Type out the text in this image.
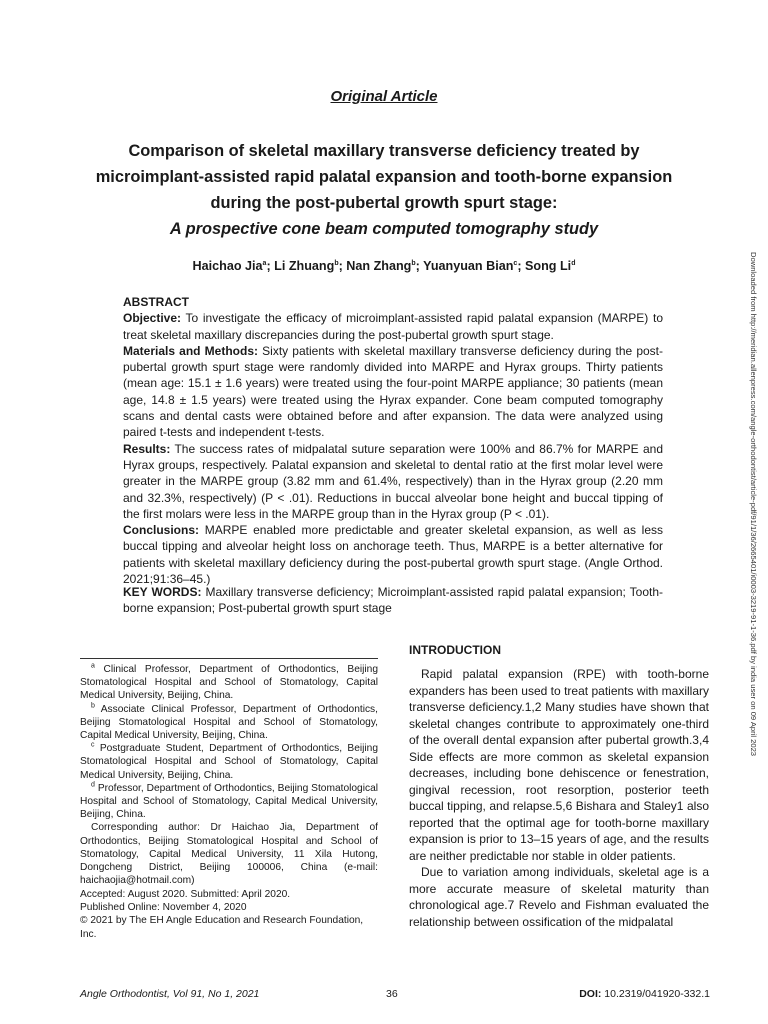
Original Article
Comparison of skeletal maxillary transverse deficiency treated by
microimplant-assisted rapid palatal expansion and tooth-borne expansion
during the post-pubertal growth spurt stage:
A prospective cone beam computed tomography study
Haichao Jia$^a$; Li Zhuang$^b$; Nan Zhang$^b$; Yuanyuan Bian$^c$; Song Li$^d$

ABSTRACT

Objective: To investigate the efficacy of microimplant-assisted rapid palatal expansion (MARPE) to treat skeletal maxillary discrepancies during the post-pubertal growth spurt stage.

Materials and Methods: Sixty patients with skeletal maxillary transverse deficiency during the post-pubertal growth spurt stage were randomly divided into MARPE and Hyrax groups. Thirty patients (mean age: 15.1 ± 1.6 years) were treated using the four-point MARPE appliance; 30 patients (mean age, 14.8 ± 1.5 years) were treated using the Hyrax expander. Cone beam computed tomography scans and dental casts were obtained before and after expansion. The data were analyzed using paired t-tests and independent t-tests.

Results: The success rates of midpalatal suture separation were 100% and 86.7% for MARPE and Hyrax groups, respectively. Palatal expansion and skeletal to dental ratio at the first molar level were greater in the MARPE group (3.82 mm and 61.4%, respectively) than in the Hyrax group (2.20 mm and 32.3%, respectively) (P < .01). Reductions in buccal alveolar bone height and buccal tipping of the first molars were less in the MARPE group than in the Hyrax group (P < .01).

Conclusions: MARPE enabled more predictable and greater skeletal expansion, as well as less buccal tipping and alveolar height loss on anchorage teeth. Thus, MARPE is a better alternative for patients with skeletal maxillary deficiency during the post-pubertal growth spurt stage. (Angle Orthod. 2021;91:36–45.)

KEY WORDS: Maxillary transverse deficiency; Microimplant-assisted rapid palatal expansion; Tooth-borne expansion; Post-pubertal growth spurt stage

$^a$ Clinical Professor, Department of Orthodontics, Beijing Stomatological Hospital and School of Stomatology, Capital Medical University, Beijing, China.

$^b$ Associate Clinical Professor, Department of Orthodontics, Beijing Stomatological Hospital and School of Stomatology, Capital Medical University, Beijing, China.

$^c$ Postgraduate Student, Department of Orthodontics, Beijing Stomatological Hospital and School of Stomatology, Capital Medical University, Beijing, China.

$^d$ Professor, Department of Orthodontics, Beijing Stomatological Hospital and School of Stomatology, Capital Medical University, Beijing, China.

Corresponding author: Dr Haichao Jia, Department of Orthodontics, Beijing Stomatological Hospital and School of Stomatology, Capital Medical University, 11 Xila Hutong, Dongcheng District, Beijing 100006, China (e-mail: haichaojia@hotmail.com)

Accepted: August 2020. Submitted: April 2020.
Published Online: November 4, 2020
© 2021 by The EH Angle Education and Research Foundation, Inc.
INTRODUCTION

Rapid palatal expansion (RPE) with tooth-borne expanders has been used to treat patients with maxillary transverse deficiency.1,2 Many studies have shown that skeletal changes contribute to approximately one-third of the overall dental expansion after pubertal growth.3,4 Side effects are more common as skeletal expansion decreases, including bone dehiscence or fenestration, gingival recession, root resorption, posterior teeth buccal tipping, and relapse.5,6 Bishara and Staley1 also reported that the optimal age for tooth-borne maxillary expansion is prior to 13–15 years of age, and the results are neither predictable nor stable in older patients.

Due to variation among individuals, skeletal age is a more accurate measure of skeletal maturity than chronological age.7 Revelo and Fishman evaluated the relationship between ossification of the midpalatal

Angle Orthodontist, Vol 91, No 1, 2021	36	DOI: 10.2319/041920-332.1
Downloaded from http://meridian.allenpress.com/angle-orthodontist/article-pdf/91/1/36/2665401/i0003-3219-91-1-36.pdf by india user on 09 April 2023
